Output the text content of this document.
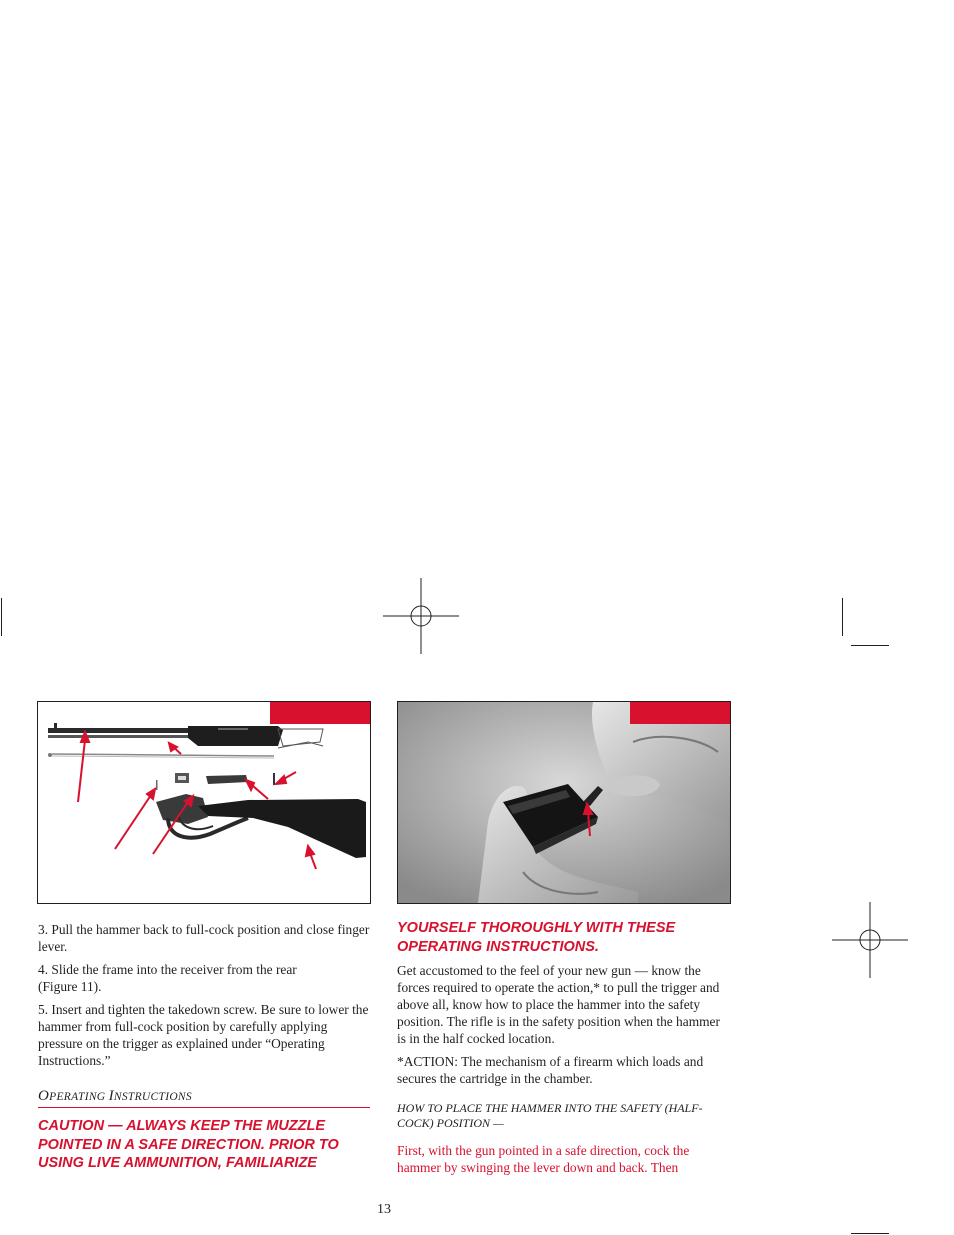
3. Pull the hammer back to full-cock position and close finger lever.

4. Slide the frame into the receiver from the rear
(Figure 11).

5. Insert and tighten the takedown screw. Be sure to lower the hammer from full-cock position by carefully applying pressure on the trigger as explained under “Operating Instructions.”

OPERATING INSTRUCTIONS
CAUTION — ALWAYS KEEP THE MUZZLE POINTED IN A SAFE DIRECTION. PRIOR TO USING LIVE AMMUNITION, FAMILIARIZE
YOURSELF THOROUGHLY WITH THESE OPERATING INSTRUCTIONS.

Get accustomed to the feel of your new gun — know the forces required to operate the action,* to pull the trigger and above all, know how to place the hammer into the safety position. The rifle is in the safety position when the hammer is in the half cocked location.

*ACTION: The mechanism of a firearm which loads and secures the cartridge in the chamber.

HOW TO PLACE THE HAMMER INTO THE SAFETY (HALF-COCK) POSITION —
First, with the gun pointed in a safe direction, cock the hammer by swinging the lever down and back. Then
13
